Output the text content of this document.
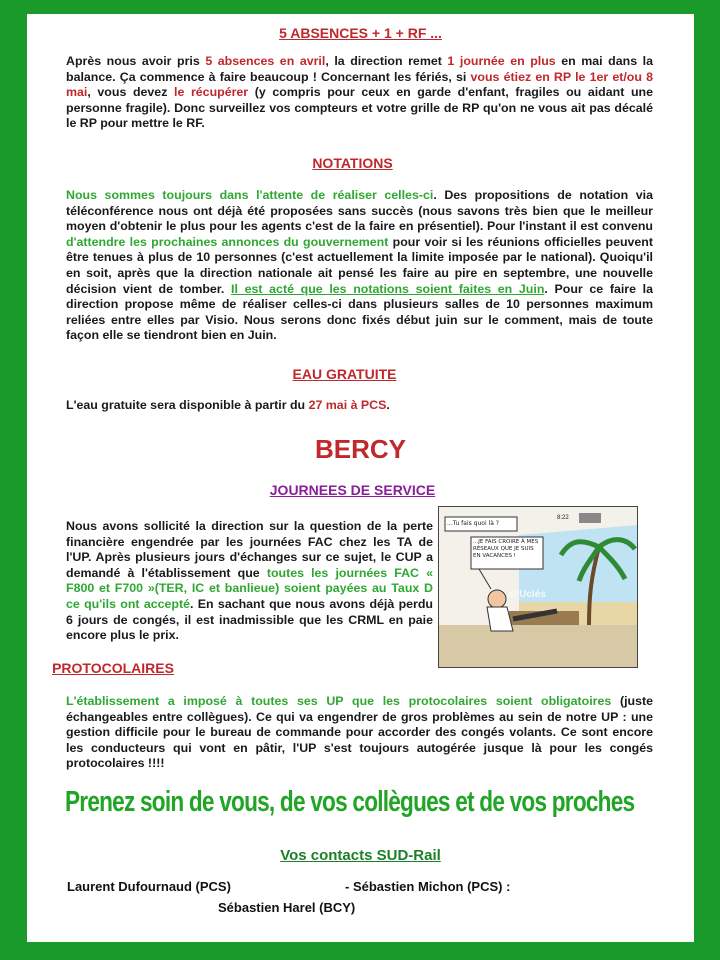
5 ABSENCES + 1 + RF ...
Après nous avoir pris 5 absences en avril, la direction remet 1 journée en plus en mai dans la balance. Ça commence à faire beaucoup ! Concernant les fériés, si vous étiez en RP le 1er et/ou 8 mai, vous devez le récupérer (y compris pour ceux en garde d'enfant, fragiles ou aidant une personne fragile). Donc surveillez vos compteurs et votre grille de RP qu'on ne vous ait pas décalé le RP pour mettre le RF.
NOTATIONS
Nous sommes toujours dans l'attente de réaliser celles-ci. Des propositions de notation via téléconférence nous ont déjà été proposées sans succès (nous savons très bien que le meilleur moyen d'obtenir le plus pour les agents c'est de la faire en présentiel). Pour l'instant il est convenu d'attendre les prochaines annonces du gouvernement pour voir si les réunions officielles peuvent être tenues à plus de 10 personnes (c'est actuellement la limite imposée par le national). Quoiqu'il en soit, après que la direction nationale ait pensé les faire au pire en septembre, une nouvelle décision vient de tomber. Il est acté que les notations soient faites en Juin. Pour ce faire la direction propose même de réaliser celles-ci dans plusieurs salles de 10 personnes maximum reliées entre elles par Visio. Nous serons donc fixés début juin sur le comment, mais de toute façon elle se tiendront bien en Juin.
EAU GRATUITE
L'eau gratuite sera disponible à partir du 27 mai à PCS.
BERCY
JOURNEES DE SERVICE
Nous avons sollicité la direction sur la question de la perte financière engendrée par les journées FAC chez les TA de l'UP. Après plusieurs jours d'échanges sur ce sujet, le CUP a demandé à l'établissement que toutes les journées FAC « F800 et F700 »(TER, IC et banlieue) soient payées au Taux D ce qu'ils ont accepté. En sachant que nous avons déjà perdu 6 jours de congés, il est inadmissible que les CRML en paie encore plus le prix.
...Tu fais quoi là ?
...JE FAIS CROIRE À MES RÉSEAUX QUE JE SUIS EN VACANCES !
8:22
© Uclés
PROTOCOLAIRES
L'établissement a imposé à toutes ses UP que les protocolaires soient obligatoires (juste échangeables entre collègues). Ce qui va engendrer de gros problèmes au sein de notre UP : une gestion difficile pour le bureau de commande pour accorder des congés volants. Ce sont encore les conducteurs qui vont en pâtir, l'UP s'est toujours autogérée jusque là pour les congés protocolaires !!!!
Prenez soin de vous, de vos collègues et de vos proches
Vos contacts SUD-Rail
Laurent Dufournaud (PCS)	- Sébastien Michon (PCS) :
Sébastien Harel (BCY)
